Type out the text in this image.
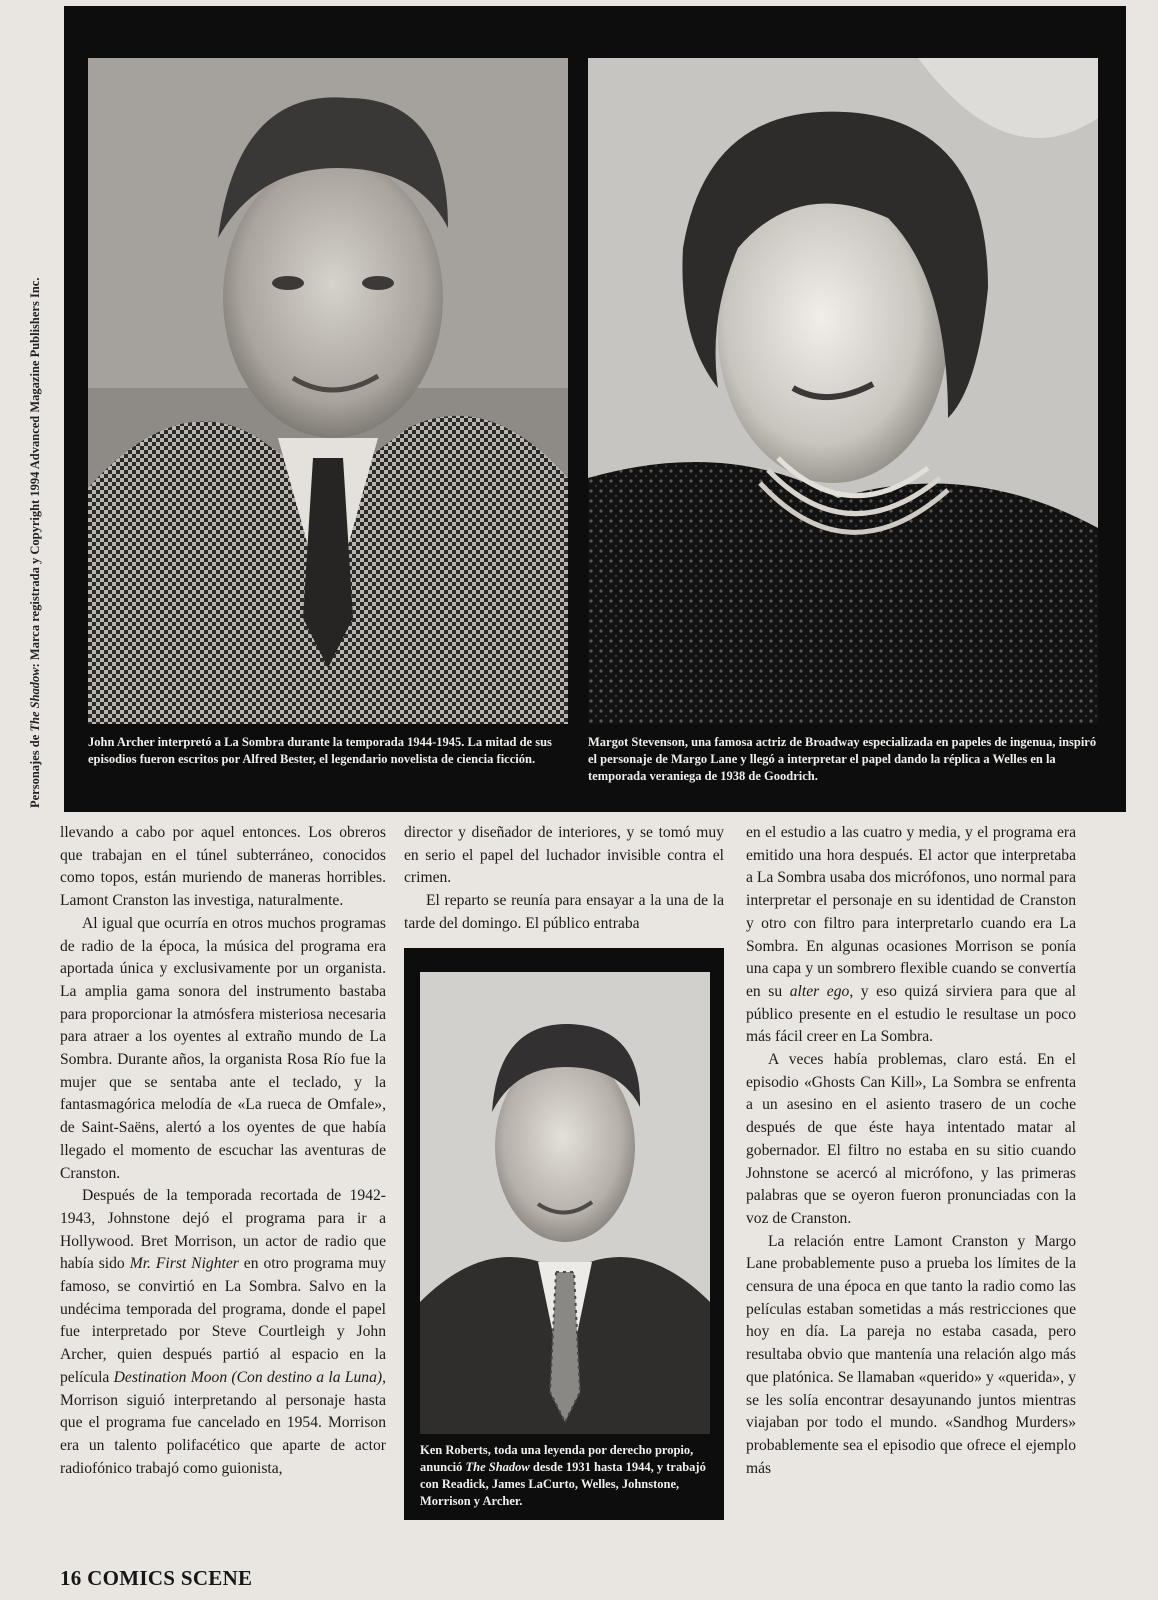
Personajes de The Shadow: Marca registrada y Copyright 1994 Advanced Magazine Publishers Inc.
John Archer interpretó a La Sombra durante la temporada 1944-1945. La mitad de sus episodios fueron escritos por Alfred Bester, el legendario novelista de ciencia ficción.
Margot Stevenson, una famosa actriz de Broadway especializada en papeles de ingenua, inspiró el personaje de Margo Lane y llegó a interpretar el papel dando la réplica a Welles en la temporada veraniega de 1938 de Goodrich.

llevando a cabo por aquel entonces. Los obreros que trabajan en el túnel subterráneo, conocidos como topos, están muriendo de maneras horribles. Lamont Cranston las investiga, naturalmente.

Al igual que ocurría en otros muchos programas de radio de la época, la música del programa era aportada única y exclusivamente por un organista. La amplia gama sonora del instrumento bastaba para proporcionar la atmósfera misteriosa necesaria para atraer a los oyentes al extraño mundo de La Sombra. Durante años, la organista Rosa Río fue la mujer que se sentaba ante el teclado, y la fantasmagórica melodía de «La rueca de Omfale», de Saint-Saëns, alertó a los oyentes de que había llegado el momento de escuchar las aventuras de Cranston.

Después de la temporada recortada de 1942-1943, Johnstone dejó el programa para ir a Hollywood. Bret Morrison, un actor de radio que había sido Mr. First Nighter en otro programa muy famoso, se convirtió en La Sombra. Salvo en la undécima temporada del programa, donde el papel fue interpretado por Steve Courtleigh y John Archer, quien después partió al espacio en la película Destination Moon (Con destino a la Luna), Morrison siguió interpretando al personaje hasta que el programa fue cancelado en 1954. Morrison era un talento polifacético que aparte de actor radiofónico trabajó como guionista,

director y diseñador de interiores, y se tomó muy en serio el papel del luchador invisible contra el crimen.

El reparto se reunía para ensayar a la una de la tarde del domingo. El público entraba

Ken Roberts, toda una leyenda por derecho propio, anunció The Shadow desde 1931 hasta 1944, y trabajó con Readick, James LaCurto, Welles, Johnstone, Morrison y Archer.

en el estudio a las cuatro y media, y el programa era emitido una hora después. El actor que interpretaba a La Sombra usaba dos micrófonos, uno normal para interpretar el personaje en su identidad de Cranston y otro con filtro para interpretarlo cuando era La Sombra. En algunas ocasiones Morrison se ponía una capa y un sombrero flexible cuando se convertía en su alter ego, y eso quizá sirviera para que al público presente en el estudio le resultase un poco más fácil creer en La Sombra.

A veces había problemas, claro está. En el episodio «Ghosts Can Kill», La Sombra se enfrenta a un asesino en el asiento trasero de un coche después de que éste haya intentado matar al gobernador. El filtro no estaba en su sitio cuando Johnstone se acercó al micrófono, y las primeras palabras que se oyeron fueron pronunciadas con la voz de Cranston.

La relación entre Lamont Cranston y Margo Lane probablemente puso a prueba los límites de la censura de una época en que tanto la radio como las películas estaban sometidas a más restricciones que hoy en día. La pareja no estaba casada, pero resultaba obvio que mantenía una relación algo más que platónica. Se llamaban «querido» y «querida», y se les solía encontrar desayunando juntos mientras viajaban por todo el mundo. «Sandhog Murders» probablemente sea el episodio que ofrece el ejemplo más

16 COMICS SCENE
